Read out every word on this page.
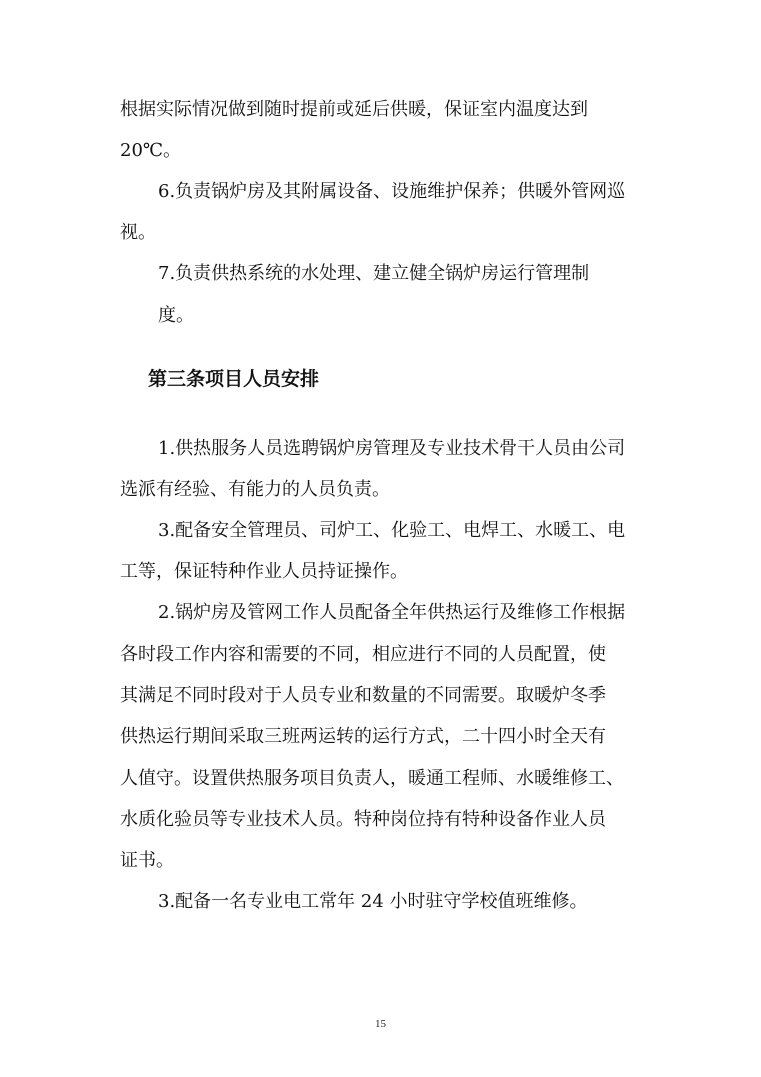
根据实际情况做到随时提前或延后供暖，保证室内温度达到
20℃。
6.负责锅炉房及其附属设备、设施维护保养；供暖外管网巡
视。
7.负责供热系统的水处理、建立健全锅炉房运行管理制
度。
第三条项目人员安排
1.供热服务人员选聘锅炉房管理及专业技术骨干人员由公司
选派有经验、有能力的人员负责。
3.配备安全管理员、司炉工、化验工、电焊工、水暖工、电
工等，保证特种作业人员持证操作。
2.锅炉房及管网工作人员配备全年供热运行及维修工作根据
各时段工作内容和需要的不同，相应进行不同的人员配置，使
其满足不同时段对于人员专业和数量的不同需要。取暖炉冬季
供热运行期间采取三班两运转的运行方式，二十四小时全天有
人值守。设置供热服务项目负责人，暖通工程师、水暖维修工、
水质化验员等专业技术人员。特种岗位持有特种设备作业人员
证书。
3.配备一名专业电工常年 24 小时驻守学校值班维修。
15
